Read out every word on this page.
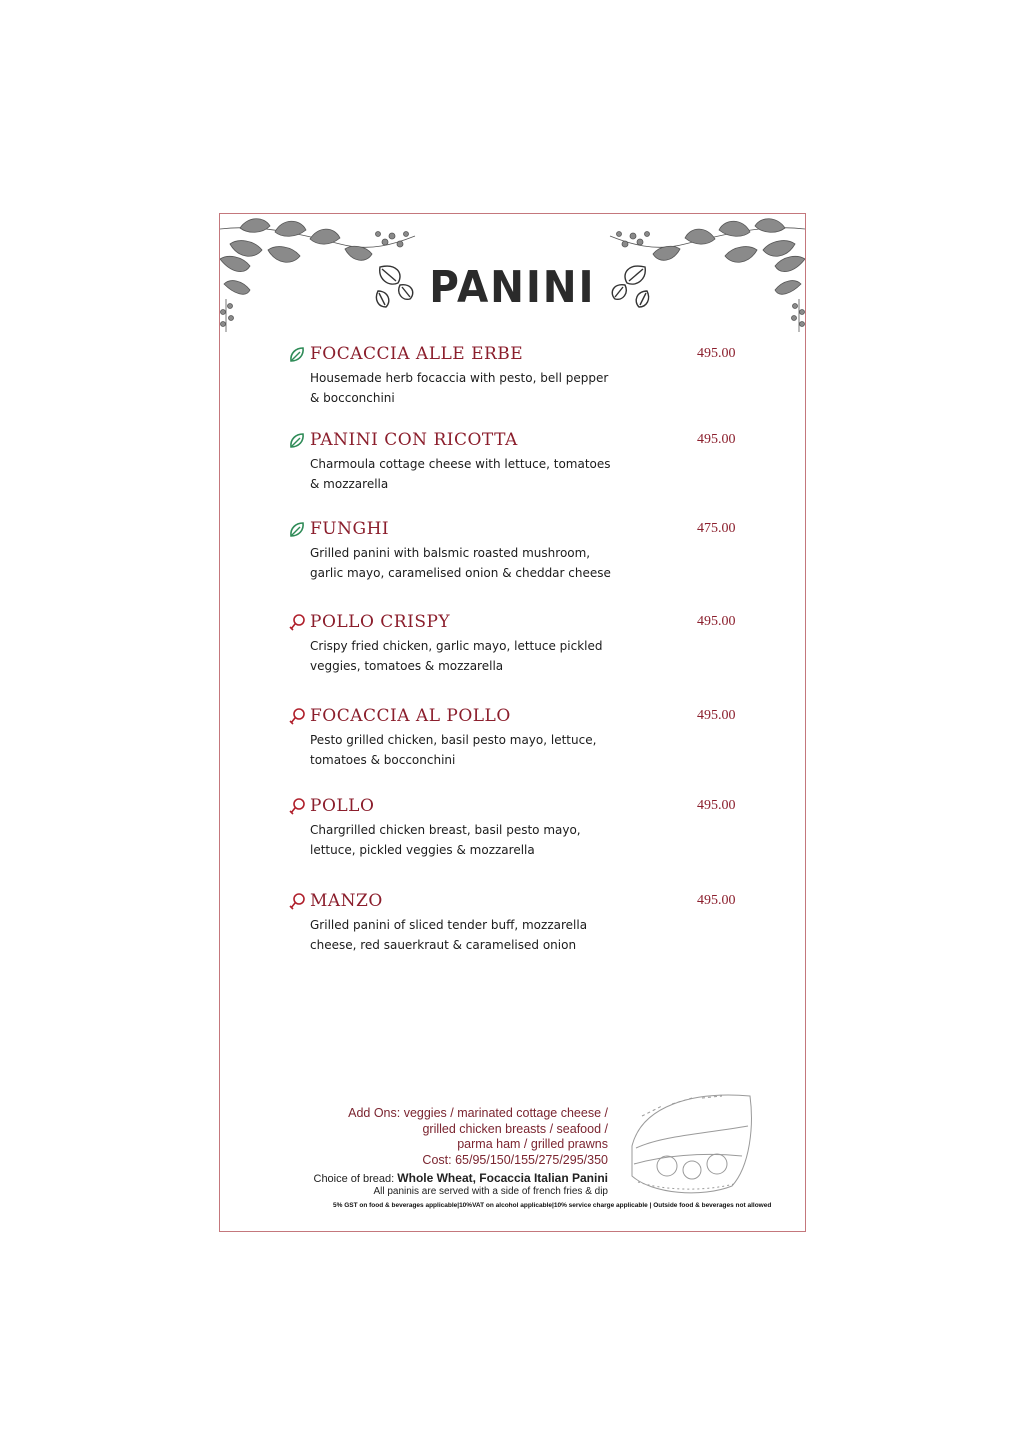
PANINI
FOCACCIA ALLE ERBE	495.00
Housemade herb focaccia with pesto, bell pepper & bocconchini
PANINI CON RICOTTA	495.00
Charmoula cottage cheese with lettuce, tomatoes & mozzarella
FUNGHI	475.00
Grilled panini with balsmic roasted mushroom, garlic mayo, caramelised onion & cheddar cheese
POLLO CRISPY	495.00
Crispy fried chicken, garlic mayo, lettuce pickled veggies, tomatoes & mozzarella
FOCACCIA AL POLLO	495.00
Pesto grilled chicken, basil pesto mayo, lettuce, tomatoes & bocconchini
POLLO	495.00
Chargrilled chicken breast, basil pesto mayo, lettuce, pickled veggies & mozzarella
MANZO	495.00
Grilled panini of sliced tender buff, mozzarella cheese, red sauerkraut & caramelised onion
Add Ons: veggies / marinated cottage cheese /
grilled chicken breasts / seafood /
parma ham / grilled prawns
Cost: 65/95/150/155/275/295/350
Choice of bread: Whole Wheat, Focaccia Italian Panini
All paninis are served with a side of french fries & dip
5% GST on food & beverages applicable|10%VAT on alcohol applicable|10% service charge applicable | Outside food & beverages not allowed
